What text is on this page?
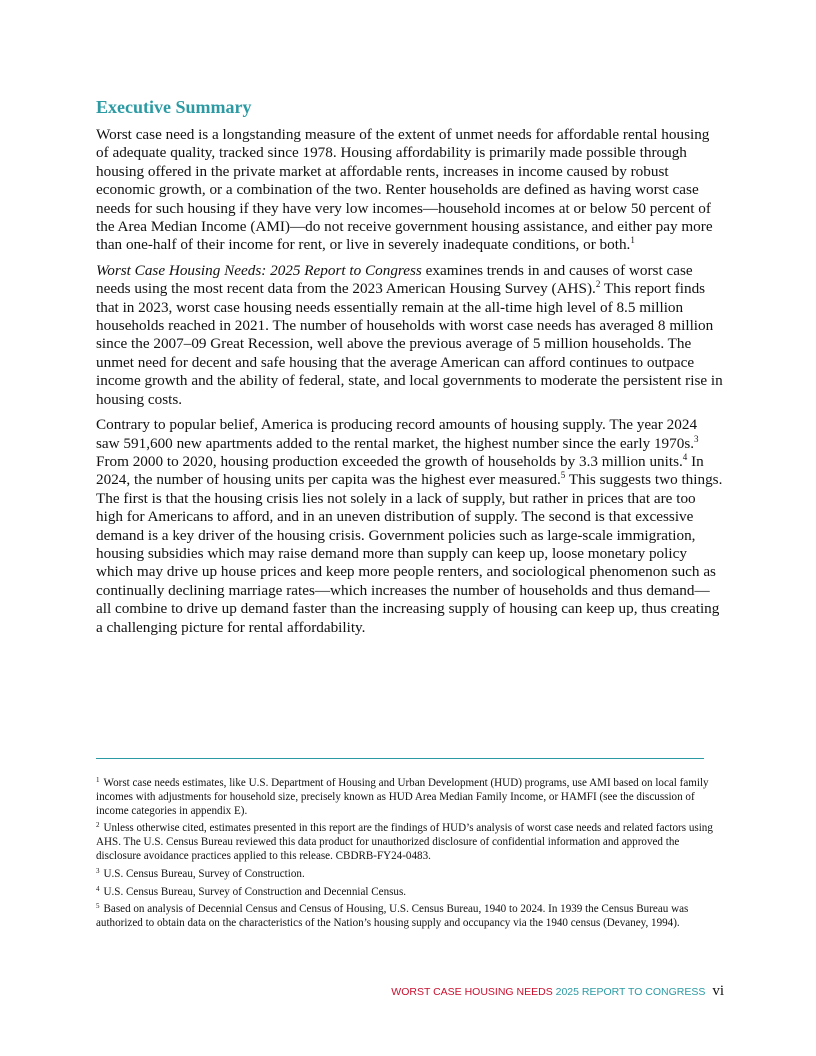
Executive Summary

Worst case need is a longstanding measure of the extent of unmet needs for affordable rental housing of adequate quality, tracked since 1978. Housing affordability is primarily made possible through housing offered in the private market at affordable rents, increases in income caused by robust economic growth, or a combination of the two. Renter households are defined as having worst case needs for such housing if they have very low incomes—household incomes at or below 50 percent of the Area Median Income (AMI)—do not receive government housing assistance, and either pay more than one-half of their income for rent, or live in severely inadequate conditions, or both.$^1$

Worst Case Housing Needs: 2025 Report to Congress examines trends in and causes of worst case needs using the most recent data from the 2023 American Housing Survey (AHS).$^2$ This report finds that in 2023, worst case housing needs essentially remain at the all-time high level of 8.5 million households reached in 2021. The number of households with worst case needs has averaged 8 million since the 2007–09 Great Recession, well above the previous average of 5 million households. The unmet need for decent and safe housing that the average American can afford continues to outpace income growth and the ability of federal, state, and local governments to moderate the persistent rise in housing costs.

Contrary to popular belief, America is producing record amounts of housing supply. The year 2024 saw 591,600 new apartments added to the rental market, the highest number since the early 1970s.$^3$ From 2000 to 2020, housing production exceeded the growth of households by 3.3 million units.$^4$ In 2024, the number of housing units per capita was the highest ever measured.$^5$ This suggests two things. The first is that the housing crisis lies not solely in a lack of supply, but rather in prices that are too high for Americans to afford, and in an uneven distribution of supply. The second is that excessive demand is a key driver of the housing crisis. Government policies such as large-scale immigration, housing subsidies which may raise demand more than supply can keep up, loose monetary policy which may drive up house prices and keep more people renters, and sociological phenomenon such as continually declining marriage rates—which increases the number of households and thus demand—all combine to drive up demand faster than the increasing supply of housing can keep up, thus creating a challenging picture for rental affordability.

$^1$ Worst case needs estimates, like U.S. Department of Housing and Urban Development (HUD) programs, use AMI based on local family incomes with adjustments for household size, precisely known as HUD Area Median Family Income, or HAMFI (see the discussion of income categories in appendix E).

$^2$ Unless otherwise cited, estimates presented in this report are the findings of HUD’s analysis of worst case needs and related factors using AHS. The U.S. Census Bureau reviewed this data product for unauthorized disclosure of confidential information and approved the disclosure avoidance practices applied to this release. CBDRB-FY24-0483.

$^3$ U.S. Census Bureau, Survey of Construction.

$^4$ U.S. Census Bureau, Survey of Construction and Decennial Census.

$^5$ Based on analysis of Decennial Census and Census of Housing, U.S. Census Bureau, 1940 to 2024. In 1939 the Census Bureau was authorized to obtain data on the characteristics of the Nation’s housing supply and occupancy via the 1940 census (Devaney, 1994).

WORST CASE HOUSING NEEDS 2025 REPORT TO CONGRESS vi
